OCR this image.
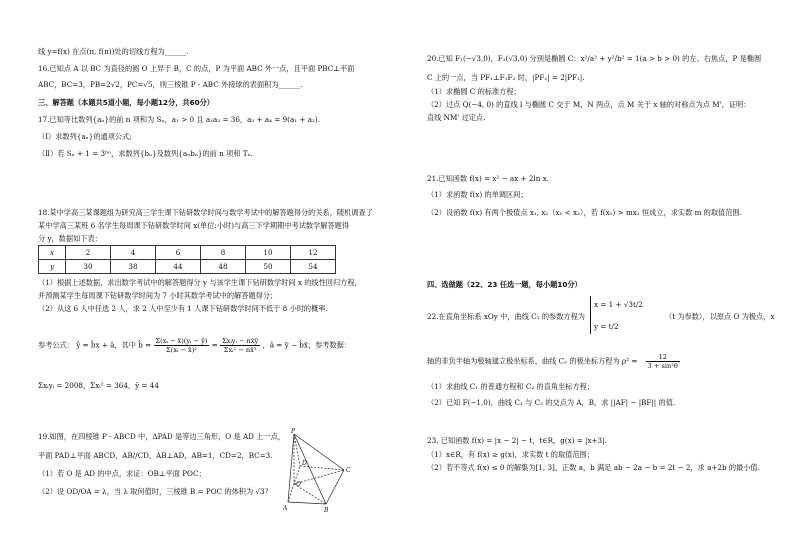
线 y=f(x) 在点(π, f(π))处的切线方程为______.
16.已知点 A 以 BC 为直径的圆 O 上异于 B，C 的点，P 为平面 ABC 外一点，且平面 PBC⊥平面
ABC，BC=3，PB=2√2，PC=√5，则三棱锥 P - ABC 外接球的表面积为______.
三、解答题（本题共5道小题，每小题12分，共60分）
17.已知等比数列{aₙ}的前 n 项和为 Sₙ，a₁ > 0 且 a₁a₃ = 36，a₃ + a₄ = 9(a₁ + a₂).
（Ⅰ）求数列{aₙ}的通项公式;
（Ⅱ）若 Sₙ + 1 = 3ᵇⁿ，求数列{bₙ}及数列{aₙbₙ}的前 n 项和 Tₙ.
18.某中学高三某课题组为研究高三学生课下钻研数学时间与数学考试中的解答题得分的关系，随机调查了
某中学高三某班 6 名学生每周课下钻研数学时间 x(单位:小时)与高三下学期期中考试数学解答题得
分 y，数据如下表：
x	2	4	6	8	10	12
y	30	38	44	48	50	54
（1）根据上述数据，求出数学考试中的解答题得分 y 与该学生课下钻研数学时间 x 的线性回归方程，
并预测某学生每周课下钻研数学时间为 7 小时其数学考试中的解答题得分；
（2）从这 6 人中任选 2 人，求 2 人中至少有 1 人课下钻研数学时间不低于 8 小时的概率.
参考公式： ŷ = b̂x + â，其中 b̂ = $\frac{\text{Σ(xᵢ − x̄)(yᵢ − ȳ)}}{\text{Σ(xᵢ − x̄)²}} = \frac{\text{Σxᵢyᵢ − nx̄ȳ}}{\text{Σxᵢ² − nx̄²}}$ ，â = ȳ − b̂x̄；参考数据：
Σxᵢyᵢ = 2008，Σxᵢ² = 364，ȳ = 44
19.如图，在四棱锥 P - ABCD 中，ΔPAD 是等边三角形，O 是 AD 上一点，
平面 PAD⊥平面 ABCD，AB//CD，AB⊥AD，AB=1，CD=2，BC=3.
（1）若 O 是 AD 的中点，求证：OB⊥平面 POC；
（2）设 OD/OA = λ，当 λ 取何值时，三棱锥 B = POC 的体积为 √3？
P
D
C
O
A	B
20.已知 F₁(−√3,0)，F₂(√3,0) 分别是椭圆 C：x²/a² + y²/b² = 1(a > b > 0) 的左、右焦点，P 是椭圆
C 上的一点，当 PF₁⊥F₁F₂ 时，|PF₂| = 2|PF₁|.
（1）求椭圆 C 的标准方程；
（2）过点 Q(−4, 0) 的直线 l 与椭圆 C 交于 M，N 两点，点 M 关于 x 轴的对称点为点 M'，证明：
直线 NM' 过定点.
21.已知函数 f(x) = x² − ax + 2ln x.
（1）求函数 f(x) 的单调区间；
（2）设函数 f(x) 有两个极值点 x₁, x₂（x₁ < x₂），若 f(x₁) > mx₂ 恒成立，求实数 m 的取值范围.
四、选做题（22、23 任选一题，每小题10分）
22.在直角坐标系 xOy 中，曲线 C₁ 的参数方程为
x = 1 + √3t/2
y = t/2
（t 为参数），以原点 O 为极点，x
轴的非负半轴为极轴建立极坐标系，曲线 C₂ 的极坐标方程为 $\rho^2 = \frac{12}{\text{3 + sin²θ}}$
（1）求曲线 C₁ 的普通方程和 C₂ 的直角坐标方程；
（2）已知 F(−1,0)，曲线 C₁ 与 C₂ 的交点为 A，B，求 ||AF| − |BF|| 的值.
23. 已知函数 f(x) = |x − 2| − t，t∈R，g(x) = |x+3|.
（1）x∈R，有 f(x) ≥ g(x)，求实数 t 的取值范围；
（2）若不等式 f(x) ≤ 0 的解集为[1, 3]，正数 a，b 满足 ab − 2a − b = 2t − 2，求 a+2b 的最小值.
